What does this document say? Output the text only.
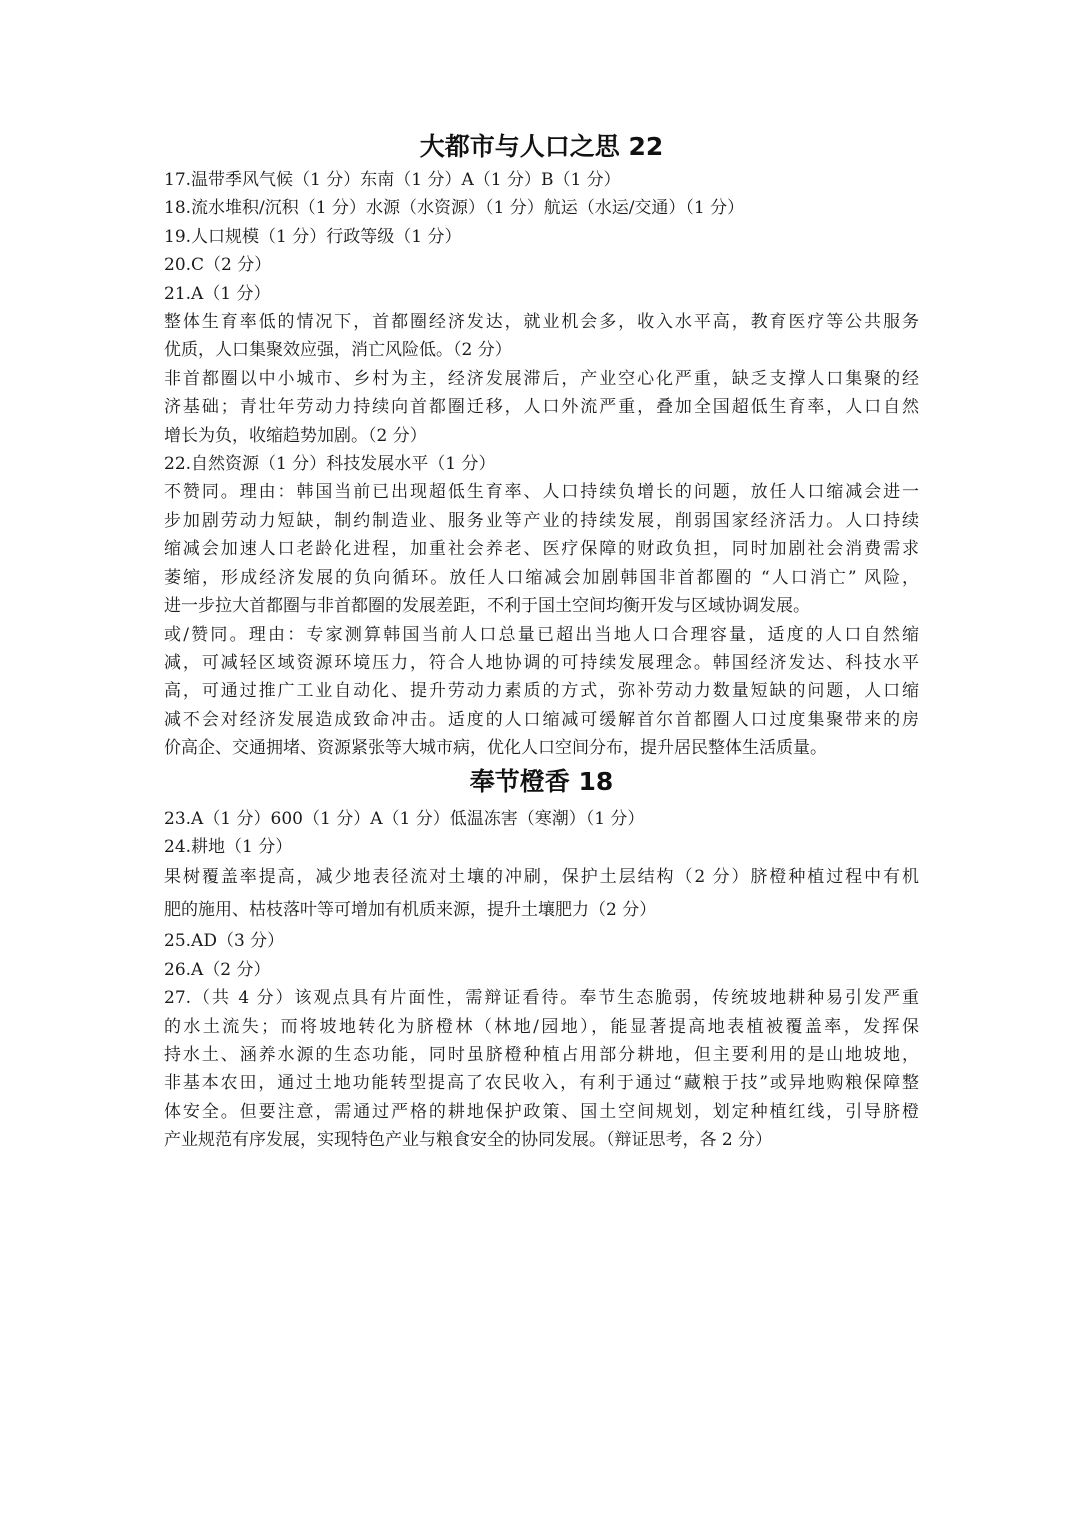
大都市与人口之思 22

17.温带季风气候（1 分）东南（1 分）A（1 分）B（1 分）

18.流水堆积/沉积（1 分）水源（水资源）（1 分）航运（水运/交通）（1 分）

19.人口规模（1 分）行政等级（1 分）

20.C（2 分）

21.A（1 分）

整体生育率低的情况下，首都圈经济发达，就业机会多，收入水平高，教育医疗等公共服务

优质，人口集聚效应强，消亡风险低。（2 分）

非首都圈以中小城市、乡村为主，经济发展滞后，产业空心化严重，缺乏支撑人口集聚的经

济基础；青壮年劳动力持续向首都圈迁移，人口外流严重，叠加全国超低生育率，人口自然

增长为负，收缩趋势加剧。（2 分）

22.自然资源（1 分）科技发展水平（1 分）

不赞同。理由：韩国当前已出现超低生育率、人口持续负增长的问题，放任人口缩减会进一

步加剧劳动力短缺，制约制造业、服务业等产业的持续发展，削弱国家经济活力。人口持续

缩减会加速人口老龄化进程，加重社会养老、医疗保障的财政负担，同时加剧社会消费需求

萎缩，形成经济发展的负向循环。放任人口缩减会加剧韩国非首都圈的 “人口消亡” 风险，

进一步拉大首都圈与非首都圈的发展差距，不利于国土空间均衡开发与区域协调发展。

或/赞同。理由：专家测算韩国当前人口总量已超出当地人口合理容量，适度的人口自然缩

减，可减轻区域资源环境压力，符合人地协调的可持续发展理念。韩国经济发达、科技水平

高，可通过推广工业自动化、提升劳动力素质的方式，弥补劳动力数量短缺的问题，人口缩

减不会对经济发展造成致命冲击。适度的人口缩减可缓解首尔首都圈人口过度集聚带来的房

价高企、交通拥堵、资源紧张等大城市病，优化人口空间分布，提升居民整体生活质量。

奉节橙香 18

23.A（1 分）600（1 分）A（1 分）低温冻害（寒潮）（1 分）

24.耕地（1 分）

果树覆盖率提高，减少地表径流对土壤的冲刷，保护土层结构（2 分）脐橙种植过程中有机

肥的施用、枯枝落叶等可增加有机质来源，提升土壤肥力（2 分）

25.AD（3 分）

26.A（2 分）

27.（共 4 分）该观点具有片面性，需辩证看待。奉节生态脆弱，传统坡地耕种易引发严重

的水土流失；而将坡地转化为脐橙林（林地/园地），能显著提高地表植被覆盖率，发挥保

持水土、涵养水源的生态功能，同时虽脐橙种植占用部分耕地，但主要利用的是山地坡地，

非基本农田，通过土地功能转型提高了农民收入，有利于通过“藏粮于技”或异地购粮保障整

体安全。但要注意，需通过严格的耕地保护政策、国土空间规划，划定种植红线，引导脐橙

产业规范有序发展，实现特色产业与粮食安全的协同发展。（辩证思考，各 2 分）
